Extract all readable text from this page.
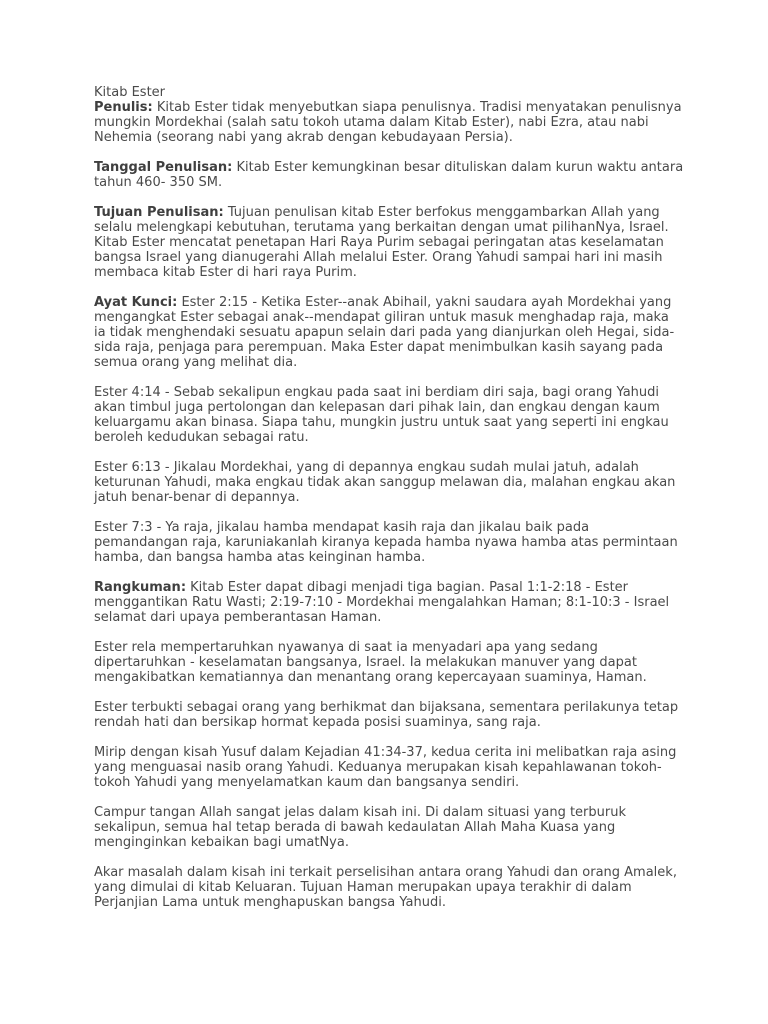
Kitab Ester

Penulis: Kitab Ester tidak menyebutkan siapa penulisnya. Tradisi menyatakan penulisnya mungkin Mordekhai (salah satu tokoh utama dalam Kitab Ester), nabi Ezra, atau nabi Nehemia (seorang nabi yang akrab dengan kebudayaan Persia).

Tanggal Penulisan: Kitab Ester kemungkinan besar dituliskan dalam kurun waktu antara tahun 460- 350 SM.

Tujuan Penulisan: Tujuan penulisan kitab Ester berfokus menggambarkan Allah yang selalu melengkapi kebutuhan, terutama yang berkaitan dengan umat pilihanNya, Israel. Kitab Ester mencatat penetapan Hari Raya Purim sebagai peringatan atas keselamatan bangsa Israel yang dianugerahi Allah melalui Ester. Orang Yahudi sampai hari ini masih membaca kitab Ester di hari raya Purim.

Ayat Kunci: Ester 2:15 - Ketika Ester--anak Abihail, yakni saudara ayah Mordekhai yang mengangkat Ester sebagai anak--mendapat giliran untuk masuk menghadap raja, maka ia tidak menghendaki sesuatu apapun selain dari pada yang dianjurkan oleh Hegai, sida-sida raja, penjaga para perempuan. Maka Ester dapat menimbulkan kasih sayang pada semua orang yang melihat dia.

Ester 4:14 - Sebab sekalipun engkau pada saat ini berdiam diri saja, bagi orang Yahudi akan timbul juga pertolongan dan kelepasan dari pihak lain, dan engkau dengan kaum keluargamu akan binasa. Siapa tahu, mungkin justru untuk saat yang seperti ini engkau beroleh kedudukan sebagai ratu.

Ester 6:13 - Jikalau Mordekhai, yang di depannya engkau sudah mulai jatuh, adalah keturunan Yahudi, maka engkau tidak akan sanggup melawan dia, malahan engkau akan jatuh benar-benar di depannya.

Ester 7:3 - Ya raja, jikalau hamba mendapat kasih raja dan jikalau baik pada pemandangan raja, karuniakanlah kiranya kepada hamba nyawa hamba atas permintaan hamba, dan bangsa hamba atas keinginan hamba.

Rangkuman: Kitab Ester dapat dibagi menjadi tiga bagian. Pasal 1:1-2:18 - Ester menggantikan Ratu Wasti; 2:19-7:10 - Mordekhai mengalahkan Haman; 8:1-10:3 - Israel selamat dari upaya pemberantasan Haman.

Ester rela mempertaruhkan nyawanya di saat ia menyadari apa yang sedang dipertaruhkan - keselamatan bangsanya, Israel. Ia melakukan manuver yang dapat mengakibatkan kematiannya dan menantang orang kepercayaan suaminya, Haman.

Ester terbukti sebagai orang yang berhikmat dan bijaksana, sementara perilakunya tetap rendah hati dan bersikap hormat kepada posisi suaminya, sang raja.

Mirip dengan kisah Yusuf dalam Kejadian 41:34-37, kedua cerita ini melibatkan raja asing yang menguasai nasib orang Yahudi. Keduanya merupakan kisah kepahlawanan tokoh-tokoh Yahudi yang menyelamatkan kaum dan bangsanya sendiri.

Campur tangan Allah sangat jelas dalam kisah ini. Di dalam situasi yang terburuk sekalipun, semua hal tetap berada di bawah kedaulatan Allah Maha Kuasa yang menginginkan kebaikan bagi umatNya.

Akar masalah dalam kisah ini terkait perselisihan antara orang Yahudi dan orang Amalek, yang dimulai di kitab Keluaran. Tujuan Haman merupakan upaya terakhir di dalam Perjanjian Lama untuk menghapuskan bangsa Yahudi.
